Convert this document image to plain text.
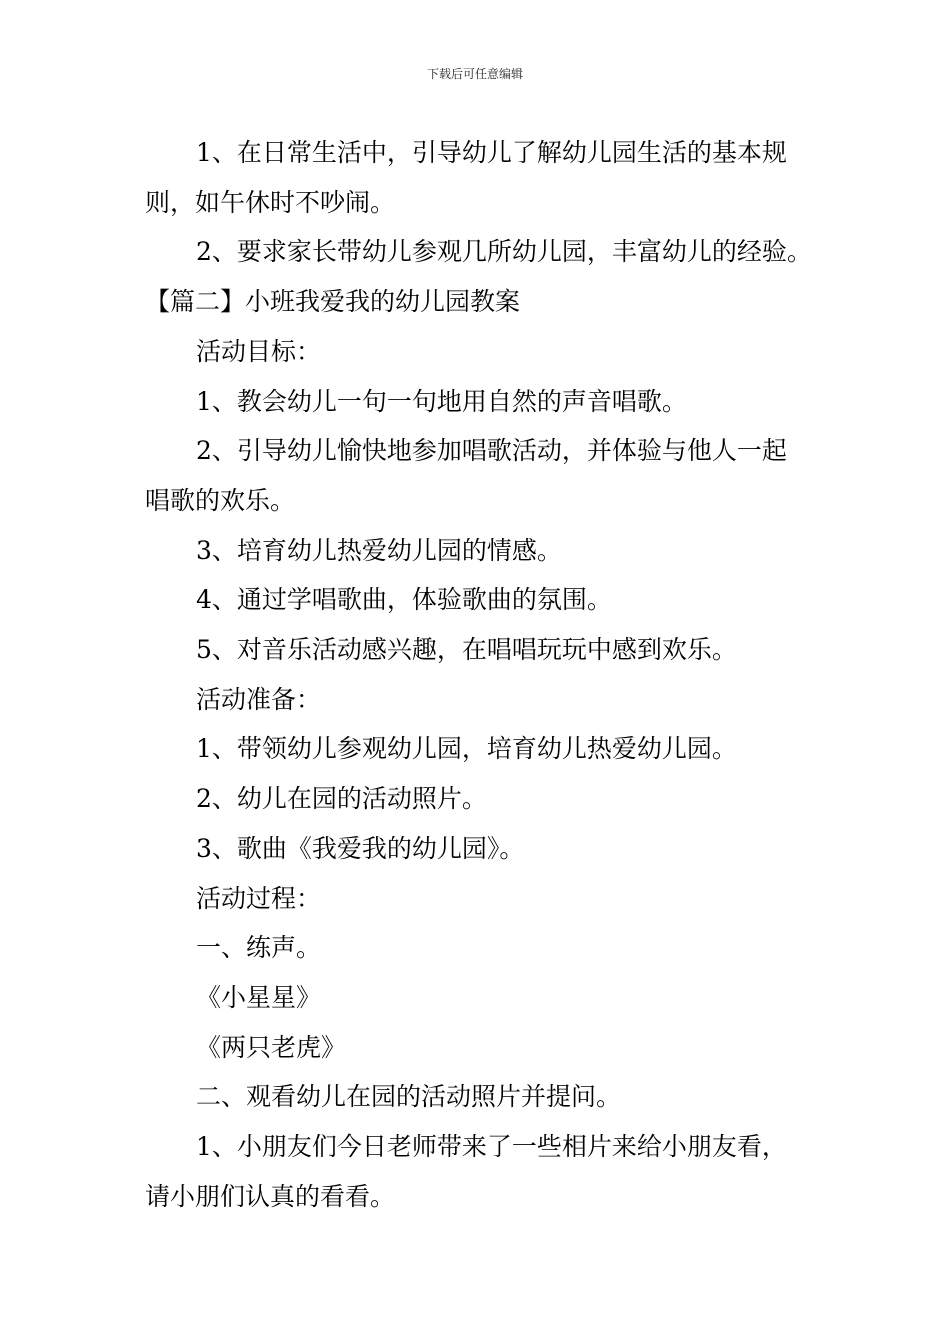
下载后可任意编辑

1、在日常生活中，引导幼儿了解幼儿园生活的基本规

则，如午休时不吵闹。

2、要求家长带幼儿参观几所幼儿园，丰富幼儿的经验。

【篇二】小班我爱我的幼儿园教案

活动目标：

1、教会幼儿一句一句地用自然的声音唱歌。

2、引导幼儿愉快地参加唱歌活动，并体验与他人一起

唱歌的欢乐。

3、培育幼儿热爱幼儿园的情感。

4、通过学唱歌曲，体验歌曲的氛围。

5、对音乐活动感兴趣，在唱唱玩玩中感到欢乐。

活动准备：

1、带领幼儿参观幼儿园，培育幼儿热爱幼儿园。

2、幼儿在园的活动照片。

3、歌曲《我爱我的幼儿园》。

活动过程：

一、练声。

《小星星》

《两只老虎》

二、观看幼儿在园的活动照片并提问。

1、小朋友们今日老师带来了一些相片来给小朋友看，

请小朋们认真的看看。
